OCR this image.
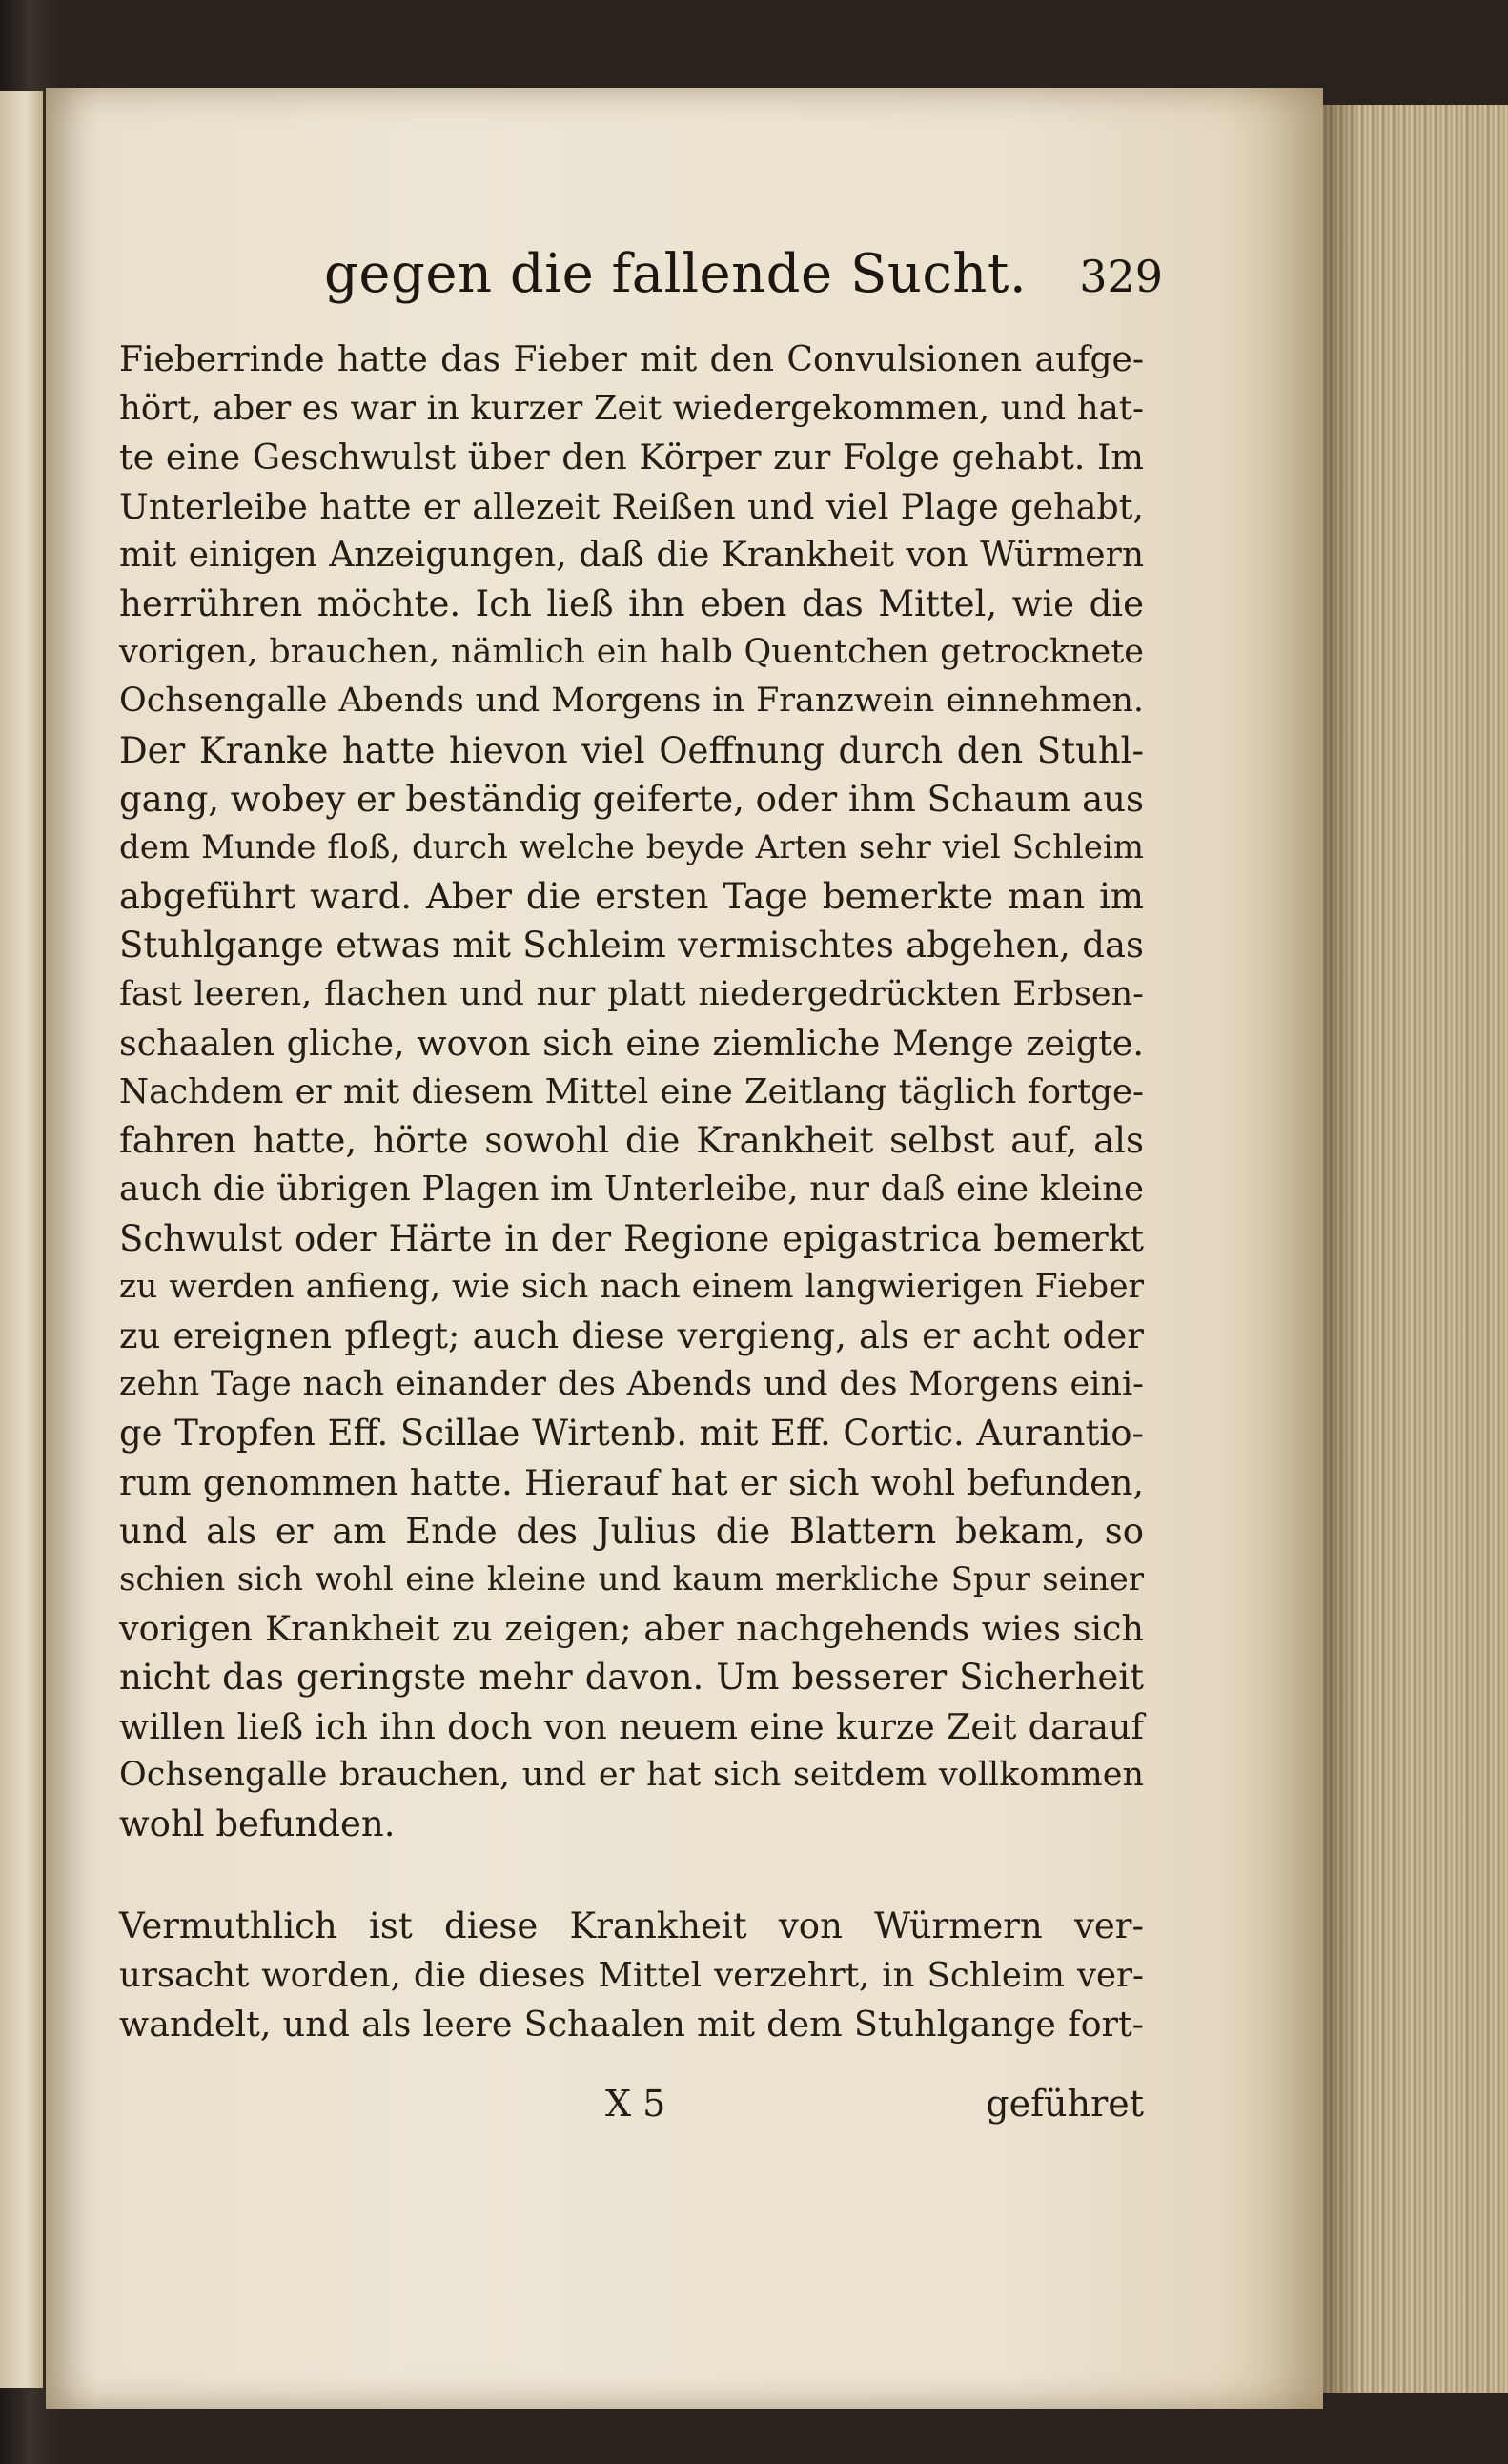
gegen die fallende Sucht. 329
Fieberrinde hatte das Fieber mit den Convulsionen aufge-
hört, aber es war in kurzer Zeit wiedergekommen, und hat-
te eine Geschwulst über den Körper zur Folge gehabt. Im
Unterleibe hatte er allezeit Reißen und viel Plage gehabt,
mit einigen Anzeigungen, daß die Krankheit von Würmern
herrühren möchte. Ich ließ ihn eben das Mittel, wie die
vorigen, brauchen, nämlich ein halb Quentchen getrocknete
Ochsengalle Abends und Morgens in Franzwein einnehmen.
Der Kranke hatte hievon viel Oeffnung durch den Stuhl-
gang, wobey er beständig geiferte, oder ihm Schaum aus
dem Munde floß, durch welche beyde Arten sehr viel Schleim
abgeführt ward. Aber die ersten Tage bemerkte man im
Stuhlgange etwas mit Schleim vermischtes abgehen, das
fast leeren, flachen und nur platt niedergedrückten Erbsen-
schaalen gliche, wovon sich eine ziemliche Menge zeigte.
Nachdem er mit diesem Mittel eine Zeitlang täglich fortge-
fahren hatte, hörte sowohl die Krankheit selbst auf, als
auch die übrigen Plagen im Unterleibe, nur daß eine kleine
Schwulst oder Härte in der Regione epigastrica bemerkt
zu werden anfieng, wie sich nach einem langwierigen Fieber
zu ereignen pflegt; auch diese vergieng, als er acht oder
zehn Tage nach einander des Abends und des Morgens eini-
ge Tropfen Eff. Scillae Wirtenb. mit Eff. Cortic. Aurantio-
rum genommen hatte. Hierauf hat er sich wohl befunden,
und als er am Ende des Julius die Blattern bekam, so
schien sich wohl eine kleine und kaum merkliche Spur seiner
vorigen Krankheit zu zeigen; aber nachgehends wies sich
nicht das geringste mehr davon. Um besserer Sicherheit
willen ließ ich ihn doch von neuem eine kurze Zeit darauf
Ochsengalle brauchen, und er hat sich seitdem vollkommen
wohl befunden.
Vermuthlich ist diese Krankheit von Würmern ver-
ursacht worden, die dieses Mittel verzehrt, in Schleim ver-
wandelt, und als leere Schaalen mit dem Stuhlgange fort-
X 5	geführet
